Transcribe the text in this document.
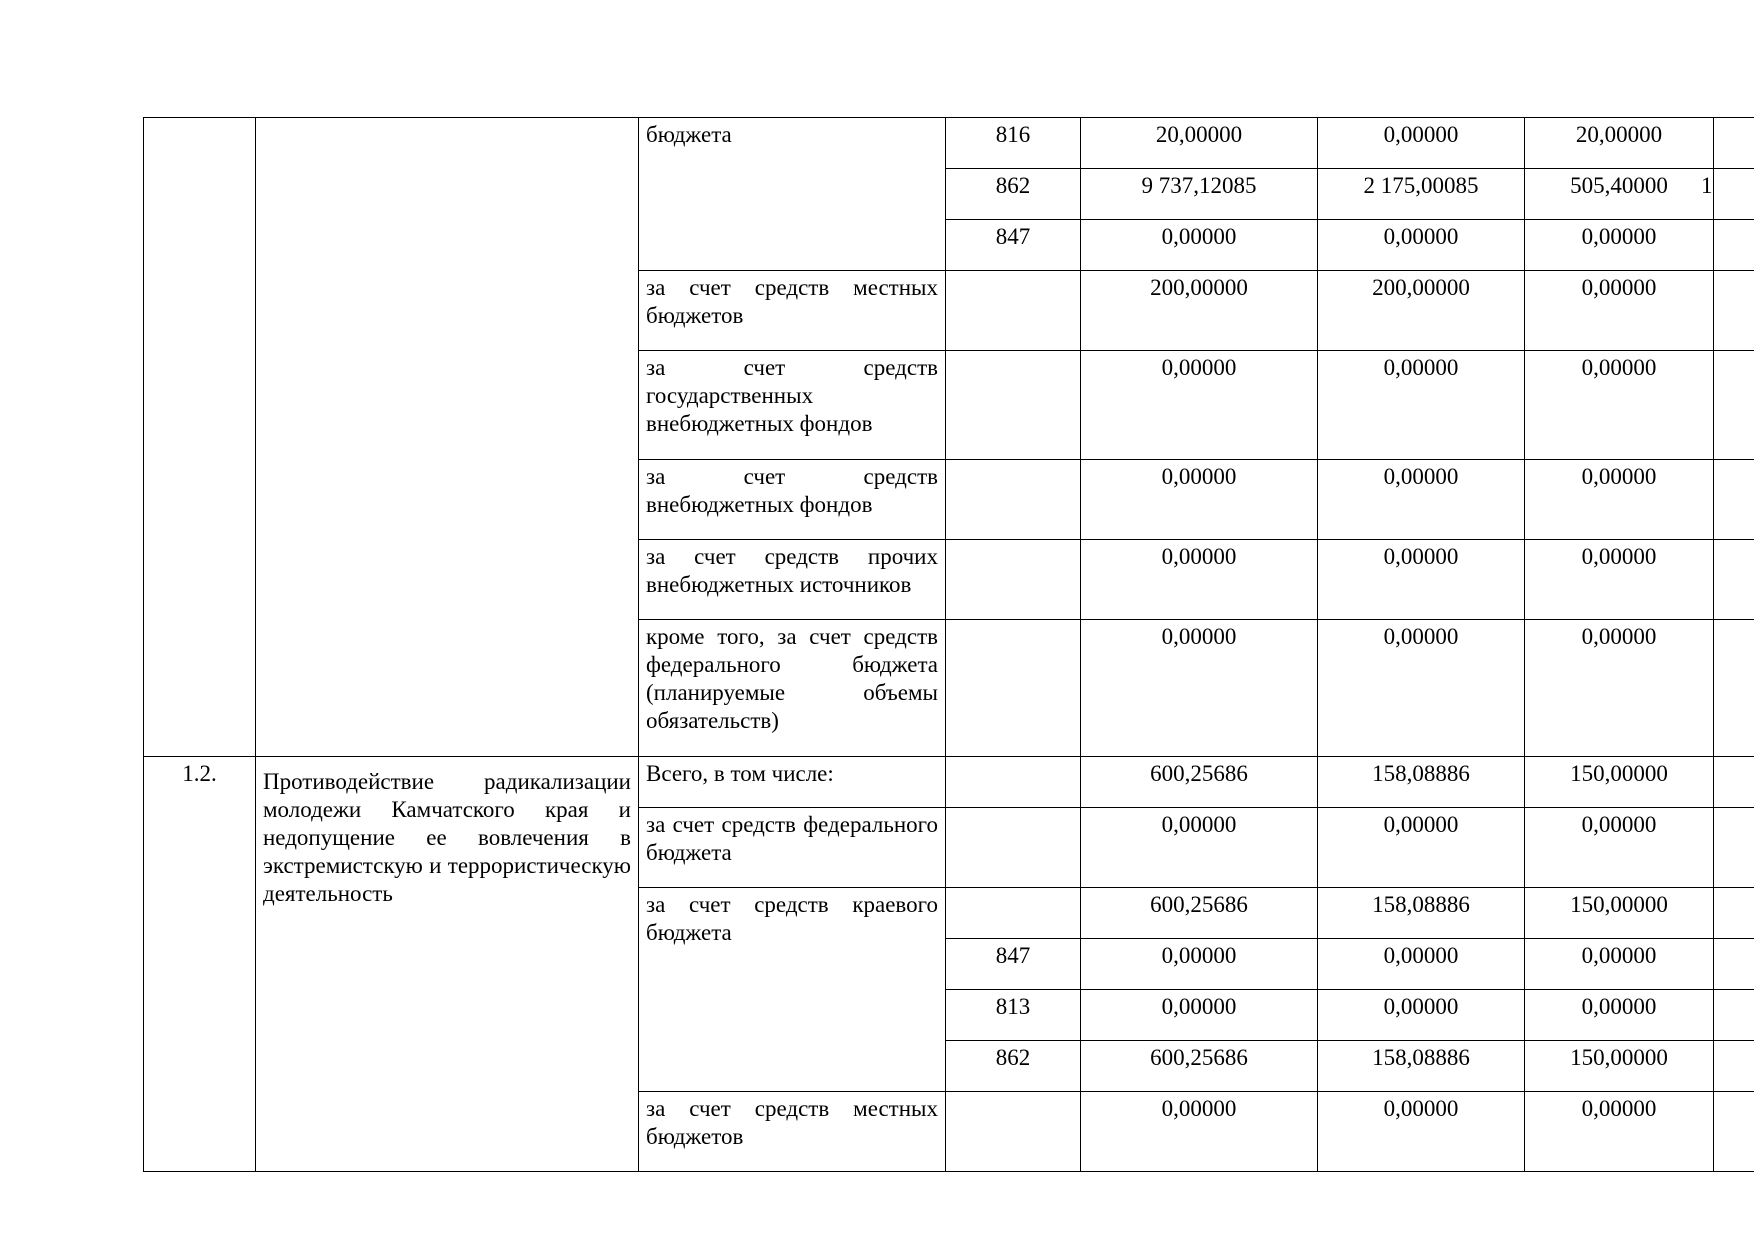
		бюджета	816	20,00000	0,00000	20,00000	
			862	9 737,12085	2 175,00085	505,40000	1
			847	0,00000	0,00000	0,00000	
		за счет средств местных бюджетов		200,00000	200,00000	0,00000	
		за счет средств государственных внебюджетных фондов		0,00000	0,00000	0,00000	
		за счет средств внебюджетных фондов		0,00000	0,00000	0,00000	
		за счет средств прочих внебюджетных источников		0,00000	0,00000	0,00000	
		кроме того, за счет средств федерального бюджета (планируемые объемы обязательств)		0,00000	0,00000	0,00000	
1.2.	Противодействие радикализации молодежи Камчатского края и недопущение ее вовлечения в экстремистскую и террористическую деятельность	Всего, в том числе:		600,25686	158,08886	150,00000	
		за счет средств федерального бюджета		0,00000	0,00000	0,00000	
		за счет средств краевого бюджета		600,25686	158,08886	150,00000	
			847	0,00000	0,00000	0,00000	
			813	0,00000	0,00000	0,00000	
			862	600,25686	158,08886	150,00000	
		за счет средств местных бюджетов		0,00000	0,00000	0,00000	
